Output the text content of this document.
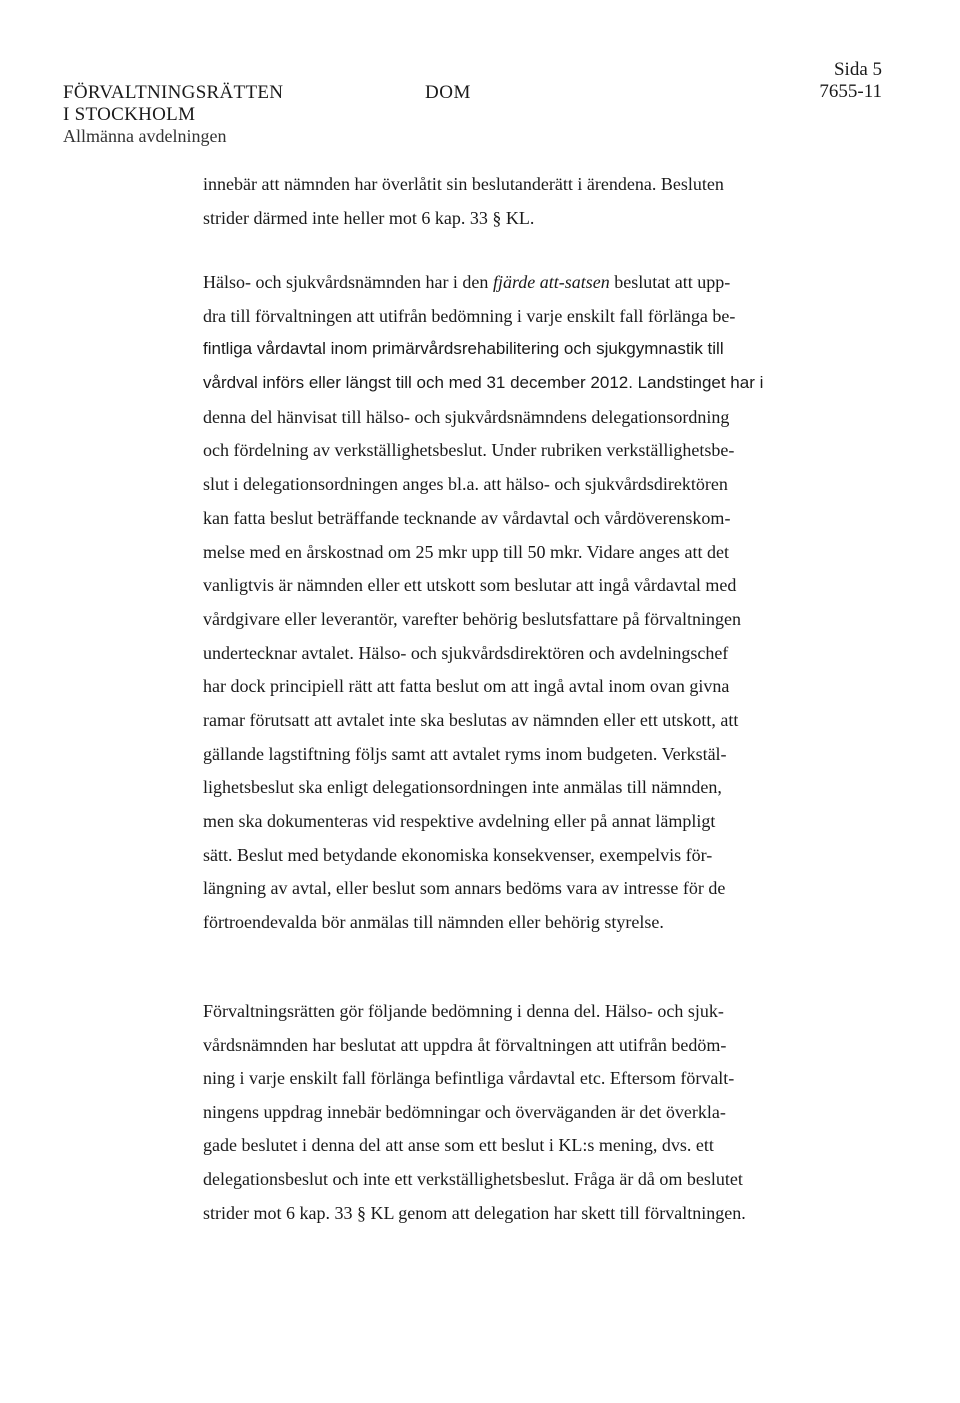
FÖRVALTNINGSRÄTTEN
I STOCKHOLM
Allmänna avdelningen
DOM
Sida 5
7655-11
innebär att nämnden har överlåtit sin beslutanderätt i ärendena. Besluten
strider därmed inte heller mot 6 kap. 33 § KL.
Hälso- och sjukvårdsnämnden har i den fjärde att-satsen beslutat att upp-
dra till förvaltningen att utifrån bedömning i varje enskilt fall förlänga be-
fintliga vårdavtal inom primärvårdsrehabilitering och sjukgymnastik till
vårdval införs eller längst till och med 31 december 2012. Landstinget har i
denna del hänvisat till hälso- och sjukvårdsnämndens delegationsordning
och fördelning av verkställighetsbeslut. Under rubriken verkställighetsbe-
slut i delegationsordningen anges bl.a. att hälso- och sjukvårdsdirektören
kan fatta beslut beträffande tecknande av vårdavtal och vårdöverenskom-
melse med en årskostnad om 25 mkr upp till 50 mkr. Vidare anges att det
vanligtvis är nämnden eller ett utskott som beslutar att ingå vårdavtal med
vårdgivare eller leverantör, varefter behörig beslutsfattare på förvaltningen
undertecknar avtalet. Hälso- och sjukvårdsdirektören och avdelningschef
har dock principiell rätt att fatta beslut om att ingå avtal inom ovan givna
ramar förutsatt att avtalet inte ska beslutas av nämnden eller ett utskott, att
gällande lagstiftning följs samt att avtalet ryms inom budgeten. Verkstäl-
lighetsbeslut ska enligt delegationsordningen inte anmälas till nämnden,
men ska dokumenteras vid respektive avdelning eller på annat lämpligt
sätt. Beslut med betydande ekonomiska konsekvenser, exempelvis för-
längning av avtal, eller beslut som annars bedöms vara av intresse för de
förtroendevalda bör anmälas till nämnden eller behörig styrelse.
Förvaltningsrätten gör följande bedömning i denna del. Hälso- och sjuk-
vårdsnämnden har beslutat att uppdra åt förvaltningen att utifrån bedöm-
ning i varje enskilt fall förlänga befintliga vårdavtal etc. Eftersom förvalt-
ningens uppdrag innebär bedömningar och överväganden är det överkla-
gade beslutet i denna del att anse som ett beslut i KL:s mening, dvs. ett
delegationsbeslut och inte ett verkställighetsbeslut. Fråga är då om beslutet
strider mot 6 kap. 33 § KL genom att delegation har skett till förvaltningen.
